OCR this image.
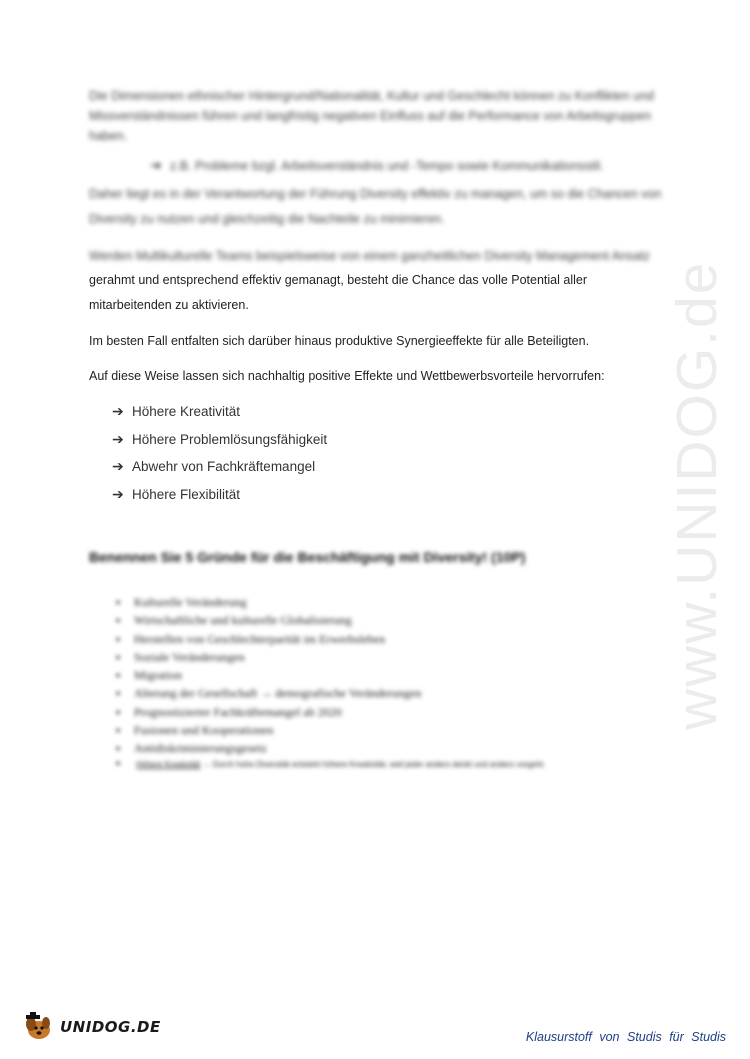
Die Dimensionen ethnischer Hintergrund/Nationalität, Kultur und Geschlecht können zu Konflikten und Missverständnissen führen und langfristig negativen Einfluss auf die Performance von Arbeitsgruppen haben.
➔ z.B. Probleme bzgl. Arbeitsverständnis und -Tempo sowie Kommunikationsstil.
Daher liegt es in der Verantwortung der Führung Diversity effektiv zu managen, um so die Chancen von Diversity zu nutzen und gleichzeitig die Nachteile zu minimieren.
Werden Multikulturelle Teams beispielsweise von einem ganzheitlichen Diversity Management Ansatz
gerahmt und entsprechend effektiv gemanagt, besteht die Chance das volle Potential aller
mitarbeitenden zu aktivieren.
Im besten Fall entfalten sich darüber hinaus produktive Synergieeffekte für alle Beteiligten.
Auf diese Weise lassen sich nachhaltig positive Effekte und Wettbewerbsvorteile hervorrufen:
➔ Höhere Kreativität
➔ Höhere Problemlösungsfähigkeit
➔ Abwehr von Fachkräftemangel
➔ Höhere Flexibilität
Benennen Sie 5 Gründe für die Beschäftigung mit Diversity! (10P)
▪ Kulturelle Veränderung
▪ Wirtschaftliche und kulturelle Globalisierung
▪ Herstellen von Geschlechterparität im Erwerbsleben
▪ Soziale Veränderungen
▪ Migration
▪ Alterung der Gesellschaft → demografische Veränderungen
▪ Prognostizierter Fachkräftemangel ab 2020
▪ Fusionen und Kooperationen
▪ Antidiskriminierungsgesetz
▪ Höhere Kreativität → Durch hohe Diversität entsteht höhere Kreativität, weil jeder anders denkt und anders vorgeht.
www.UNIDOG.de
UNIDOG.DE
Klausurstoff von Studis für Studis
